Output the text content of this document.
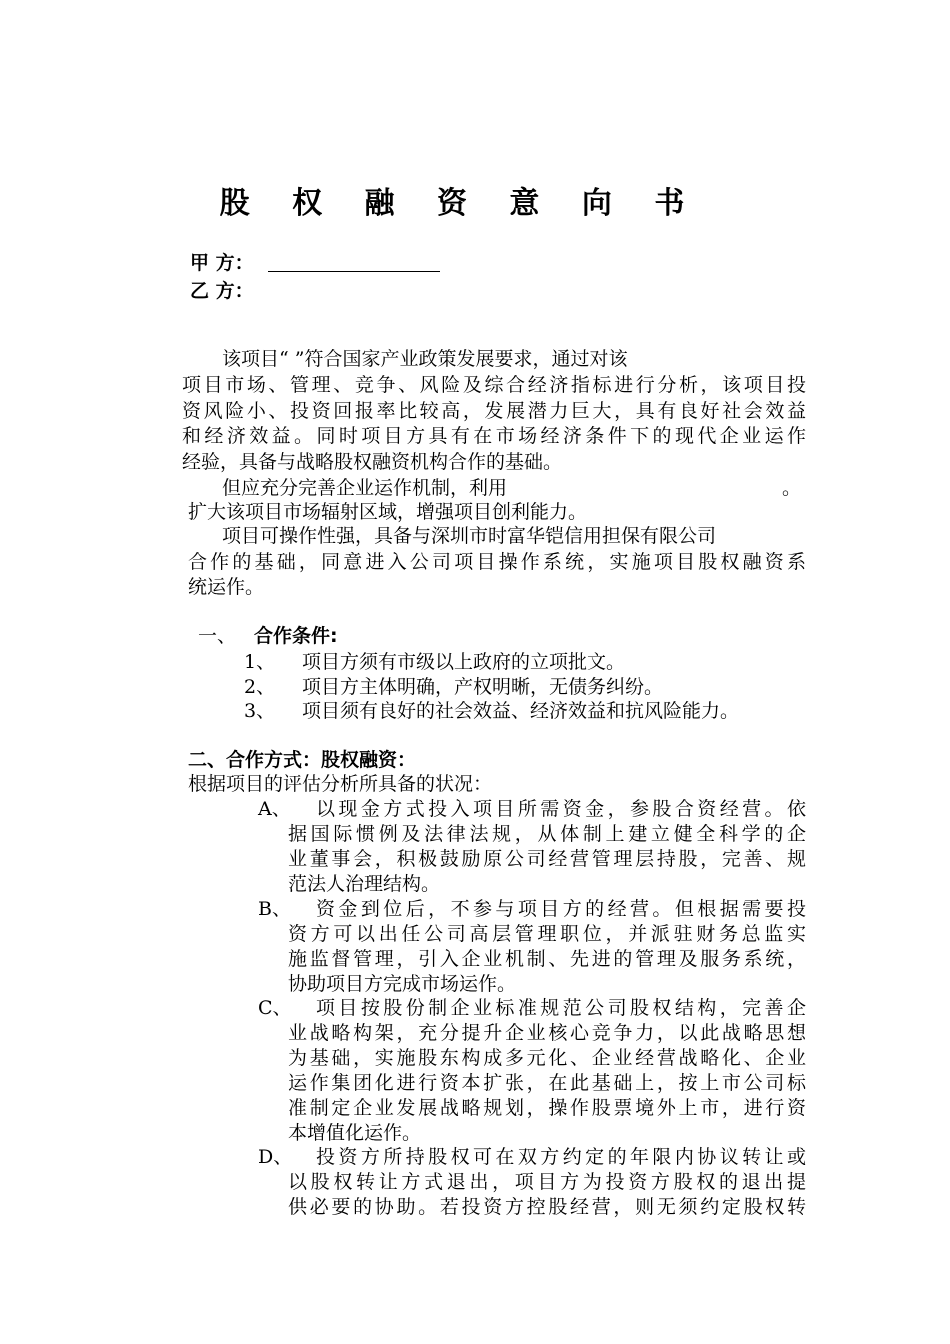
股 权 融 资 意 向 书
甲 方：
乙 方：
该项目“ ”符合国家产业政策发展要求，通过对该
项目市场、管理、竞争、风险及综合经济指标进行分析，该项目投
资风险小、投资回报率比较高，发展潜力巨大，具有良好社会效益
和经济效益。同时项目方具有在市场经济条件下的现代企业运作
经验，具备与战略股权融资机构合作的基础。
但应充分完善企业运作机制，利用	。
扩大该项目市场辐射区域，增强项目创利能力。
项目可操作性强，具备与深圳市时富华铠信用担保有限公司
合作的基础，同意进入公司项目操作系统，实施项目股权融资系
统运作。
一、 合作条件:
1、 项目方须有市级以上政府的立项批文。
2、 项目方主体明确，产权明晰，无债务纠纷。
3、 项目须有良好的社会效益、经济效益和抗风险能力。
二、合作方式：股权融资：
根据项目的评估分析所具备的状况：
A、 以现金方式投入项目所需资金，参股合资经营。依
据国际惯例及法律法规，从体制上建立健全科学的企
业董事会，积极鼓励原公司经营管理层持股，完善、规
范法人治理结构。
B、 资金到位后，不参与项目方的经营。但根据需要投
资方可以出任公司高层管理职位，并派驻财务总监实
施监督管理，引入企业机制、先进的管理及服务系统，
协助项目方完成市场运作。
C、 项目按股份制企业标准规范公司股权结构，完善企
业战略构架，充分提升企业核心竞争力，以此战略思想
为基础，实施股东构成多元化、企业经营战略化、企业
运作集团化进行资本扩张，在此基础上，按上市公司标
准制定企业发展战略规划，操作股票境外上市，进行资
本增值化运作。
D、 投资方所持股权可在双方约定的年限内协议转让或
以股权转让方式退出，项目方为投资方股权的退出提
供必要的协助。若投资方控股经营，则无须约定股权转
